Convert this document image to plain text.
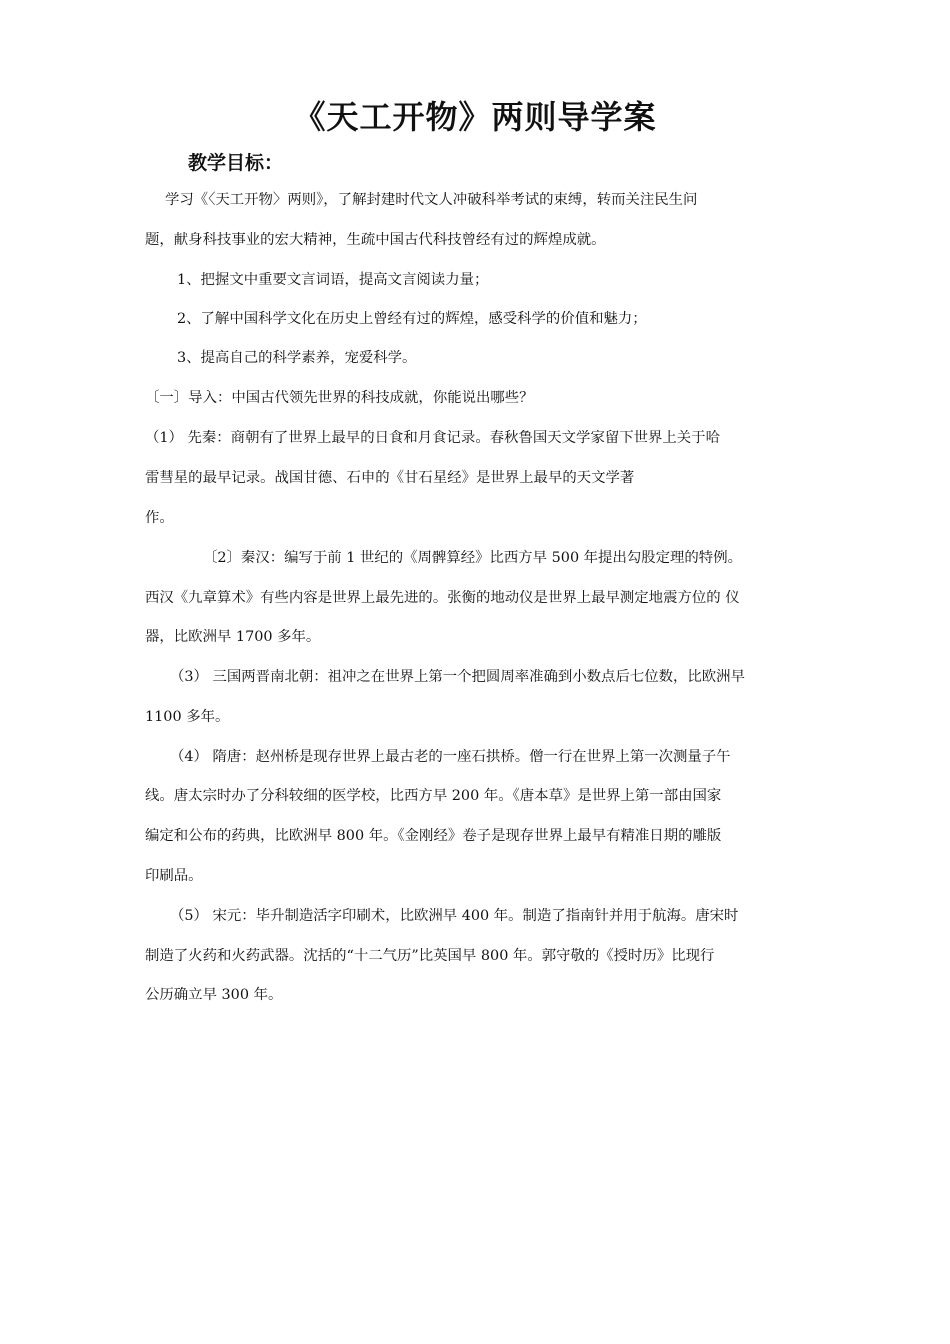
《天工开物》两则导学案
教学目标：

学习《〈天工开物〉两则》，了解封建时代文人冲破科举考试的束缚，转而关注民生问

题，献身科技事业的宏大精神，生疏中国古代科技曾经有过的辉煌成就。

1、把握文中重要文言词语，提高文言阅读力量；

2、了解中国科学文化在历史上曾经有过的辉煌，感受科学的价值和魅力；

3、提高自己的科学素养，宠爱科学。

〔一〕导入：中国古代领先世界的科技成就，你能说出哪些？

（1） 先秦：商朝有了世界上最早的日食和月食记录。春秋鲁国天文学家留下世界上关于哈

雷彗星的最早记录。战国甘德、石申的《甘石星经》是世界上最早的天文学著

作。

〔2〕秦汉：编写于前 1 世纪的《周髀算经》比西方早 500 年提出勾股定理的特例。

西汉《九章算术》有些内容是世界上最先进的。张衡的地动仪是世界上最早测定地震方位的 仪

器，比欧洲早 1700 多年。

（3） 三国两晋南北朝：祖冲之在世界上第一个把圆周率准确到小数点后七位数，比欧洲早

1100 多年。

（4） 隋唐：赵州桥是现存世界上最古老的一座石拱桥。僧一行在世界上第一次测量子午

线。唐太宗时办了分科较细的医学校，比西方早 200 年。《唐本草》是世界上第一部由国家

编定和公布的药典，比欧洲早 800 年。《金刚经》卷子是现存世界上最早有精准日期的雕版

印刷品。

（5） 宋元：毕升制造活字印刷术，比欧洲早 400 年。制造了指南针并用于航海。唐宋时

制造了火药和火药武器。沈括的“十二气历”比英国早 800 年。郭守敬的《授时历》比现行

公历确立早 300 年。
